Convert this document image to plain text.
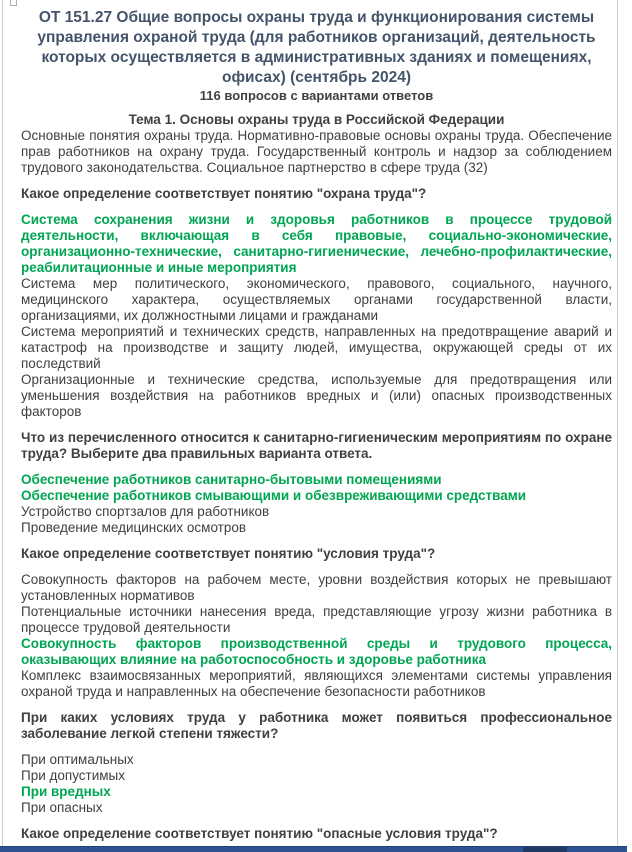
ОТ 151.27 Общие вопросы охраны труда и функционирования системы управления охраной труда (для работников организаций, деятельность которых осуществляется в административных зданиях и помещениях, офисах) (сентябрь 2024)
116 вопросов с вариантами ответов
Тема 1. Основы охраны труда в Российской Федерации

Основные понятия охраны труда. Нормативно-правовые основы охраны труда. Обеспечение прав работников на охрану труда. Государственный контроль и надзор за соблюдением трудового законодательства. Социальное партнерство в сфере труда (32)

Какое определение соответствует понятию "охрана труда"?

Система сохранения жизни и здоровья работников в процессе трудовой деятельности, включающая в себя правовые, социально-экономические, организационно-технические, санитарно-гигиенические, лечебно-профилактические, реабилитационные и иные мероприятия

Система мер политического, экономического, правового, социального, научного, медицинского характера, осуществляемых органами государственной власти, организациями, их должностными лицами и гражданами

Система мероприятий и технических средств, направленных на предотвращение аварий и катастроф на производстве и защиту людей, имущества, окружающей среды от их последствий

Организационные и технические средства, используемые для предотвращения или уменьшения воздействия на работников вредных и (или) опасных производственных факторов

Что из перечисленного относится к санитарно-гигиеническим мероприятиям по охране труда? Выберите два правильных варианта ответа.

Обеспечение работников санитарно-бытовыми помещениями

Обеспечение работников смывающими и обезвреживающими средствами

Устройство спортзалов для работников

Проведение медицинских осмотров

Какое определение соответствует понятию "условия труда"?

Совокупность факторов на рабочем месте, уровни воздействия которых не превышают установленных нормативов

Потенциальные источники нанесения вреда, представляющие угрозу жизни работника в процессе трудовой деятельности

Совокупность факторов производственной среды и трудового процесса, оказывающих влияние на работоспособность и здоровье работника

Комплекс взаимосвязанных мероприятий, являющихся элементами системы управления охраной труда и направленных на обеспечение безопасности работников

При каких условиях труда у работника может появиться профессиональное заболевание легкой степени тяжести?

При оптимальных

При допустимых

При вредных

При опасных

Какое определение соответствует понятию "опасные условия труда"?
